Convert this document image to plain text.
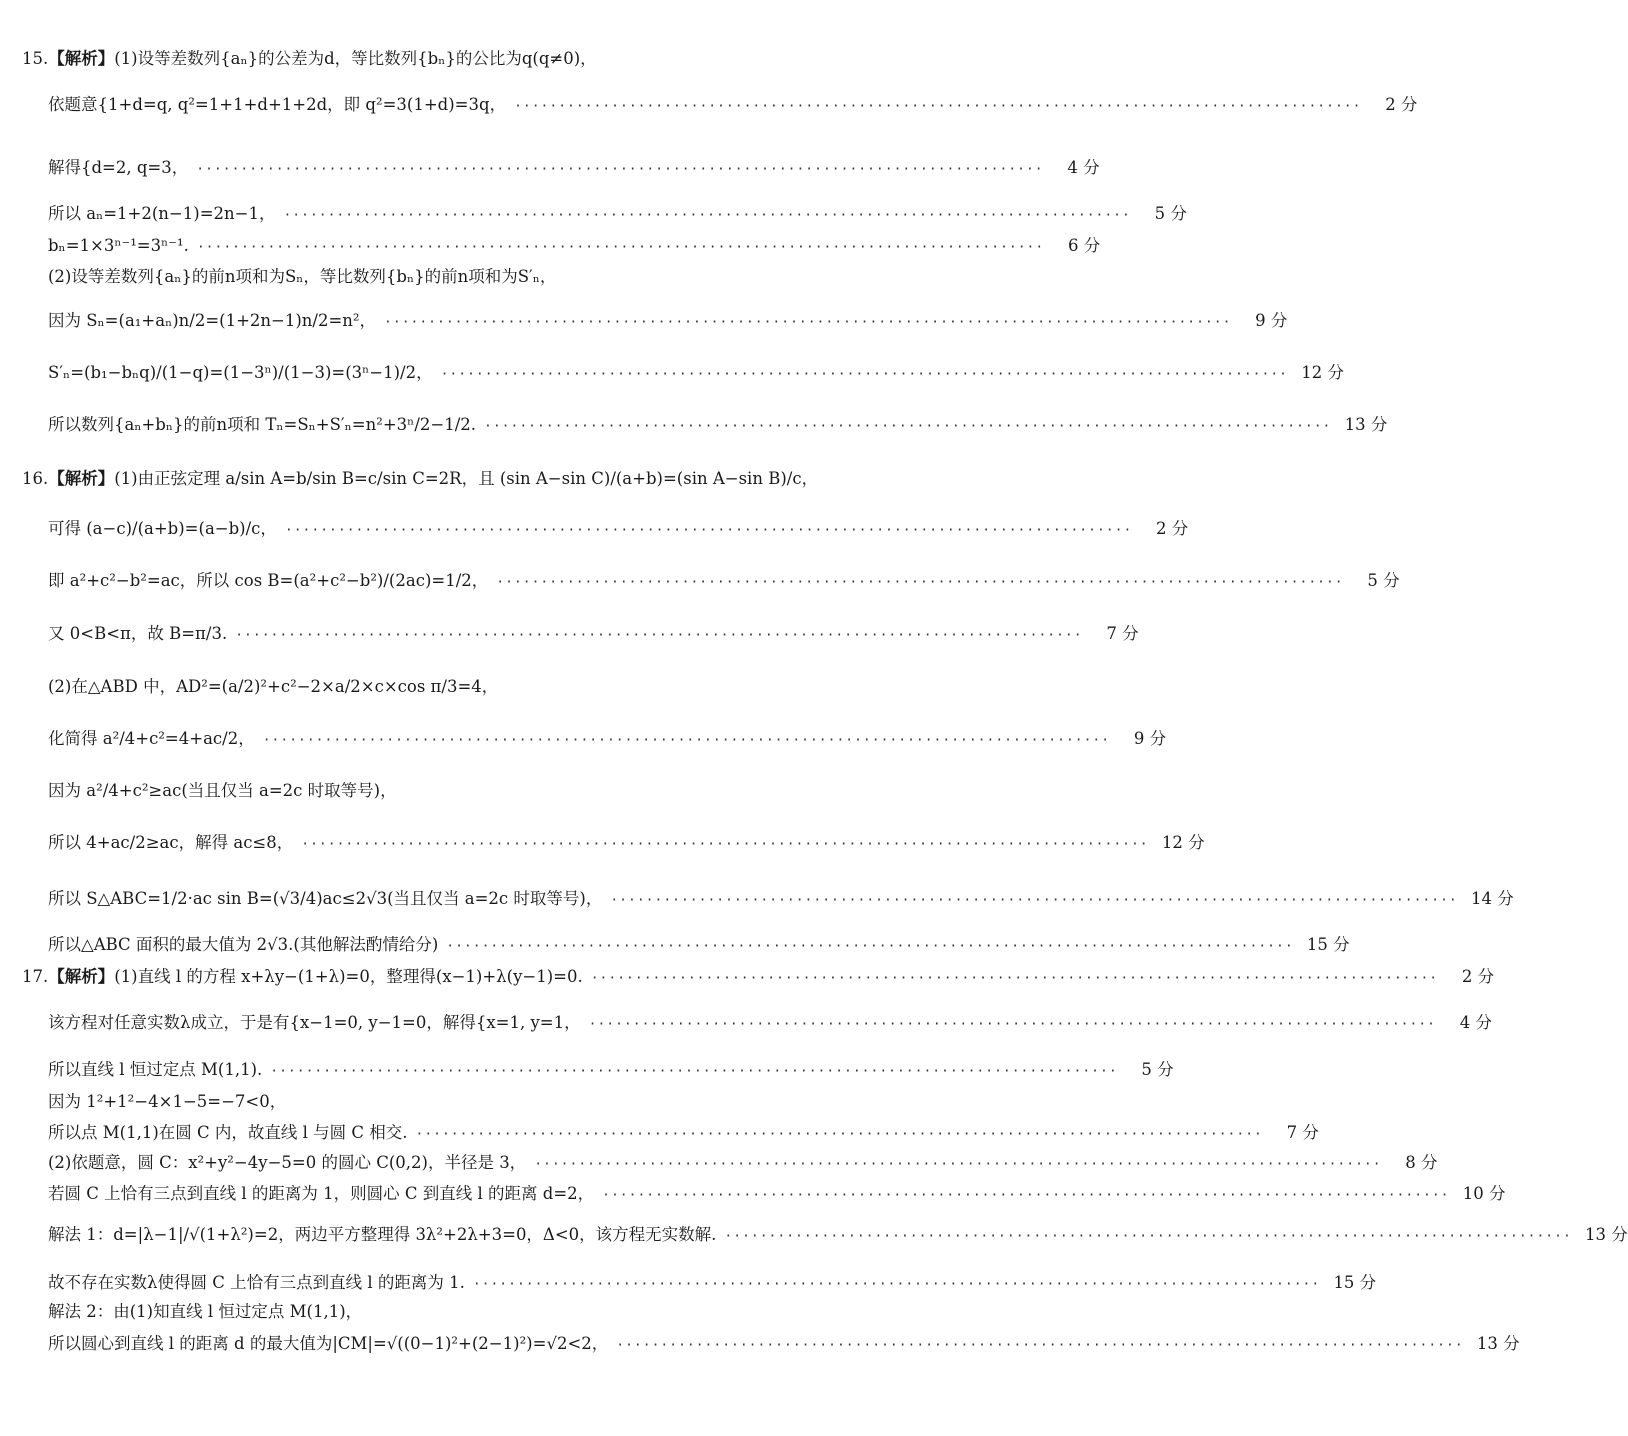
15.【解析】(1)设等差数列{aₙ}的公差为d，等比数列{bₙ}的公比为q(q≠0)，
依题意{1+d=q, q²=1+1+d+1+2d，即 q²=3(1+d)=3q， ································································································	2 分
解得{d=2, q=3， ································································································	4 分
所以 aₙ=1+2(n−1)=2n−1， ································································································	5 分
bₙ=1×3ⁿ⁻¹=3ⁿ⁻¹. ································································································	6 分
(2)设等差数列{aₙ}的前n项和为Sₙ，等比数列{bₙ}的前n项和为S′ₙ，
因为 Sₙ=(a₁+aₙ)n/2=(1+2n−1)n/2=n²， ································································································	9 分
S′ₙ=(b₁−bₙq)/(1−q)=(1−3ⁿ)/(1−3)=(3ⁿ−1)/2， ································································································ 12 分
所以数列{aₙ+bₙ}的前n项和 Tₙ=Sₙ+S′ₙ=n²+3ⁿ/2−1/2. ································································································ 13 分
16.【解析】(1)由正弦定理 a/sin A=b/sin B=c/sin C=2R，且 (sin A−sin C)/(a+b)=(sin A−sin B)/c，
可得 (a−c)/(a+b)=(a−b)/c， ································································································	2 分
即 a²+c²−b²=ac，所以 cos B=(a²+c²−b²)/(2ac)=1/2， ································································································	5 分
又 0<B<π，故 B=π/3. ································································································	7 分
(2)在△ABD 中，AD²=(a/2)²+c²−2×a/2×c×cos π/3=4，
化简得 a²/4+c²=4+ac/2， ································································································	9 分
因为 a²/4+c²≥ac(当且仅当 a=2c 时取等号)，
所以 4+ac/2≥ac，解得 ac≤8， ································································································ 12 分
所以 S△ABC=1/2·ac sin B=(√3/4)ac≤2√3(当且仅当 a=2c 时取等号)， ································································································ 14 分
所以△ABC 面积的最大值为 2√3.(其他解法酌情给分) ································································································ 15 分
17.【解析】(1)直线 l 的方程 x+λy−(1+λ)=0，整理得(x−1)+λ(y−1)=0. ································································································	2 分
该方程对任意实数λ成立，于是有{x−1=0, y−1=0，解得{x=1, y=1， ································································································	4 分
所以直线 l 恒过定点 M(1,1). ································································································	5 分
因为 1²+1²−4×1−5=−7<0，
所以点 M(1,1)在圆 C 内，故直线 l 与圆 C 相交. ································································································	7 分
(2)依题意，圆 C：x²+y²−4y−5=0 的圆心 C(0,2)，半径是 3， ································································································	8 分
若圆 C 上恰有三点到直线 l 的距离为 1，则圆心 C 到直线 l 的距离 d=2， ································································································ 10 分
解法 1：d=|λ−1|/√(1+λ²)=2，两边平方整理得 3λ²+2λ+3=0，Δ<0，该方程无实数解. ································································································ 13 分
故不存在实数λ使得圆 C 上恰有三点到直线 l 的距离为 1. ································································································ 15 分
解法 2：由(1)知直线 l 恒过定点 M(1,1)，
所以圆心到直线 l 的距离 d 的最大值为|CM|=√((0−1)²+(2−1)²)=√2<2， ································································································ 13 分
